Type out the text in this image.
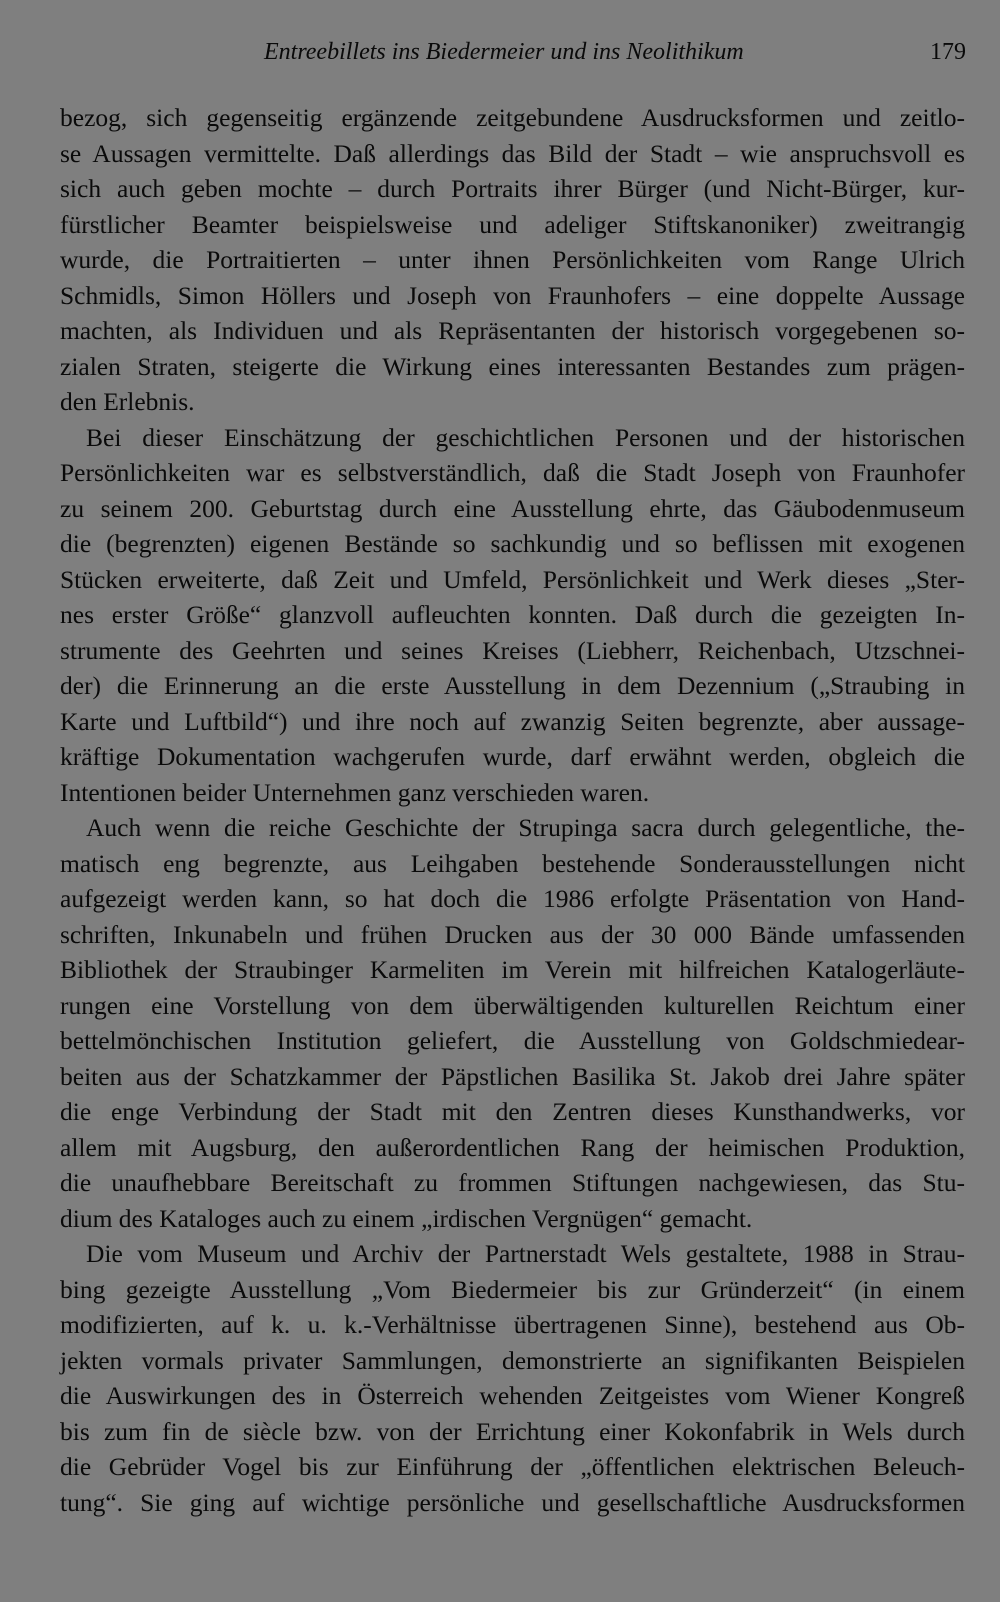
Entreebillets ins Biedermeier und ins Neolithikum	179

bezog, sich gegenseitig ergänzende zeitgebundene Ausdrucksformen und zeitlo-
se Aussagen vermittelte. Daß allerdings das Bild der Stadt – wie anspruchsvoll es
sich auch geben mochte – durch Portraits ihrer Bürger (und Nicht-Bürger, kur-
fürstlicher Beamter beispielsweise und adeliger Stiftskanoniker) zweitrangig
wurde, die Portraitierten – unter ihnen Persönlichkeiten vom Range Ulrich
Schmidls, Simon Höllers und Joseph von Fraunhofers – eine doppelte Aussage
machten, als Individuen und als Repräsentanten der historisch vorgegebenen so-
zialen Straten, steigerte die Wirkung eines interessanten Bestandes zum prägen-
den Erlebnis.

Bei dieser Einschätzung der geschichtlichen Personen und der historischen
Persönlichkeiten war es selbstverständlich, daß die Stadt Joseph von Fraunhofer
zu seinem 200. Geburtstag durch eine Ausstellung ehrte, das Gäubodenmuseum
die (begrenzten) eigenen Bestände so sachkundig und so beflissen mit exogenen
Stücken erweiterte, daß Zeit und Umfeld, Persönlichkeit und Werk dieses „Ster-
nes erster Größe“ glanzvoll aufleuchten konnten. Daß durch die gezeigten In-
strumente des Geehrten und seines Kreises (Liebherr, Reichenbach, Utzschnei-
der) die Erinnerung an die erste Ausstellung in dem Dezennium („Straubing in
Karte und Luftbild“) und ihre noch auf zwanzig Seiten begrenzte, aber aussage-
kräftige Dokumentation wachgerufen wurde, darf erwähnt werden, obgleich die
Intentionen beider Unternehmen ganz verschieden waren.

Auch wenn die reiche Geschichte der Strupinga sacra durch gelegentliche, the-
matisch eng begrenzte, aus Leihgaben bestehende Sonderausstellungen nicht
aufgezeigt werden kann, so hat doch die 1986 erfolgte Präsentation von Hand-
schriften, Inkunabeln und frühen Drucken aus der 30 000 Bände umfassenden
Bibliothek der Straubinger Karmeliten im Verein mit hilfreichen Katalogerläute-
rungen eine Vorstellung von dem überwältigenden kulturellen Reichtum einer
bettelmönchischen Institution geliefert, die Ausstellung von Goldschmiedear-
beiten aus der Schatzkammer der Päpstlichen Basilika St. Jakob drei Jahre später
die enge Verbindung der Stadt mit den Zentren dieses Kunsthandwerks, vor
allem mit Augsburg, den außerordentlichen Rang der heimischen Produktion,
die unaufhebbare Bereitschaft zu frommen Stiftungen nachgewiesen, das Stu-
dium des Kataloges auch zu einem „irdischen Vergnügen“ gemacht.

Die vom Museum und Archiv der Partnerstadt Wels gestaltete, 1988 in Strau-
bing gezeigte Ausstellung „Vom Biedermeier bis zur Gründerzeit“ (in einem
modifizierten, auf k. u. k.-Verhältnisse übertragenen Sinne), bestehend aus Ob-
jekten vormals privater Sammlungen, demonstrierte an signifikanten Beispielen
die Auswirkungen des in Österreich wehenden Zeitgeistes vom Wiener Kongreß
bis zum fin de siècle bzw. von der Errichtung einer Kokonfabrik in Wels durch
die Gebrüder Vogel bis zur Einführung der „öffentlichen elektrischen Beleuch-
tung“. Sie ging auf wichtige persönliche und gesellschaftliche Ausdrucksformen
